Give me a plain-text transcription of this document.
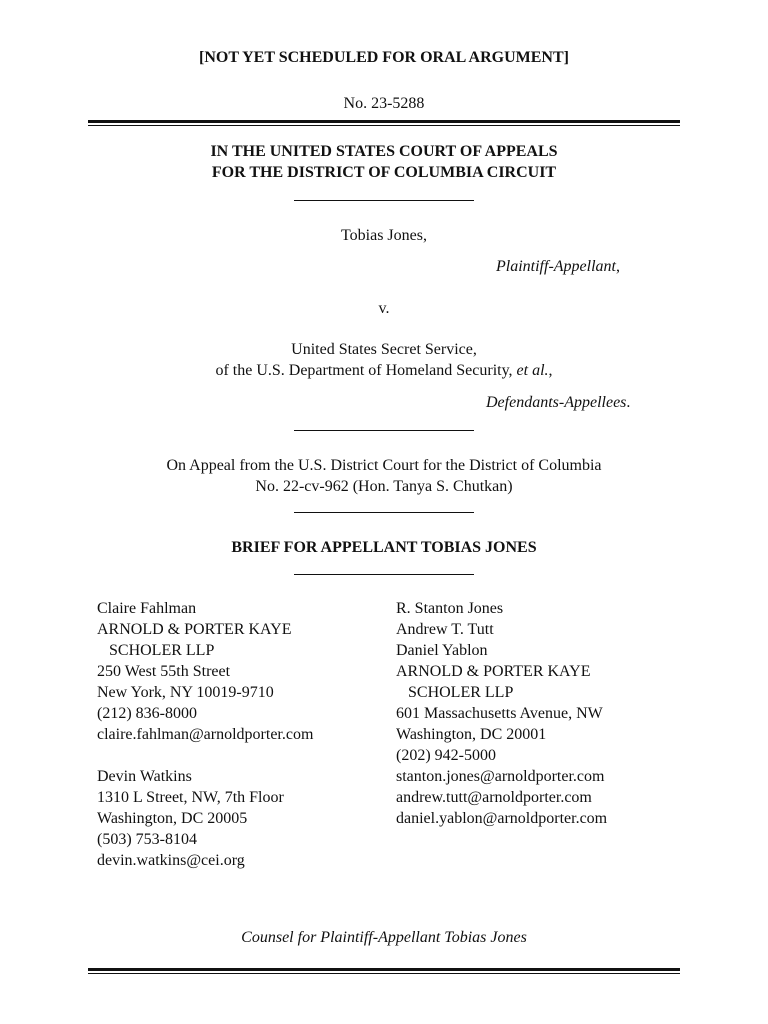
[NOT YET SCHEDULED FOR ORAL ARGUMENT]
No. 23-5288
IN THE UNITED STATES COURT OF APPEALS
FOR THE DISTRICT OF COLUMBIA CIRCUIT
Tobias Jones,
Plaintiff-Appellant,
v.
United States Secret Service,
of the U.S. Department of Homeland Security, et al.,
Defendants-Appellees.
On Appeal from the U.S. District Court for the District of Columbia
No. 22-cv-962 (Hon. Tanya S. Chutkan)
BRIEF FOR APPELLANT TOBIAS JONES
Claire Fahlman
ARNOLD & PORTER KAYE
SCHOLER LLP
250 West 55th Street
New York, NY 10019-9710
(212) 836-8000
claire.fahlman@arnoldporter.com
Devin Watkins
1310 L Street, NW, 7th Floor
Washington, DC 20005
(503) 753-8104
devin.watkins@cei.org
R. Stanton Jones
Andrew T. Tutt
Daniel Yablon
ARNOLD & PORTER KAYE
SCHOLER LLP
601 Massachusetts Avenue, NW
Washington, DC 20001
(202) 942-5000
stanton.jones@arnoldporter.com
andrew.tutt@arnoldporter.com
daniel.yablon@arnoldporter.com
Counsel for Plaintiff-Appellant Tobias Jones
